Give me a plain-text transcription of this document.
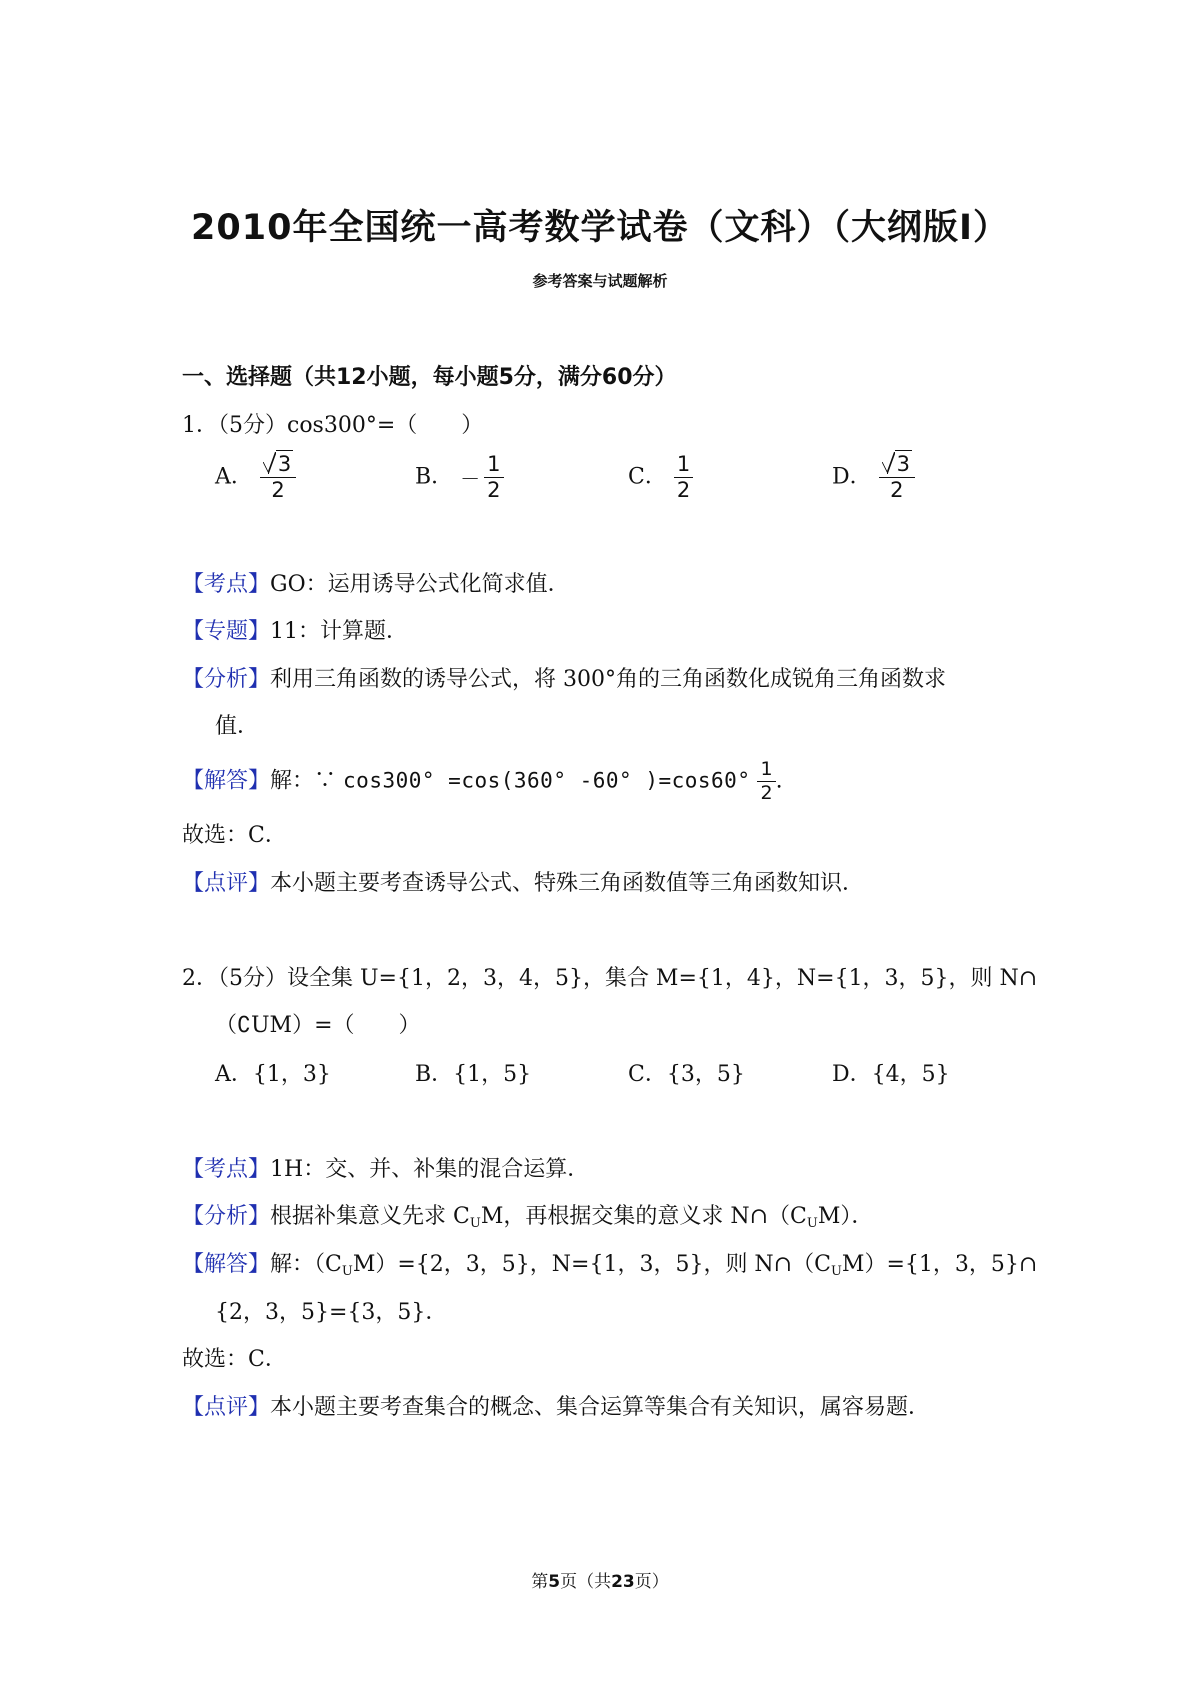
2010年全国统一高考数学试卷（文科）（大纲版Ⅰ）
参考答案与试题解析
一、选择题（共12小题，每小题5分，满分60分）
1．（5分）cos300°=（　　）
A． $\frac{3}{2}$	B． － $\frac{1}{2}$	C． $\frac{1}{2}$	D． $\frac{3}{2}$
【考点】GO：运用诱导公式化简求值．
【专题】11：计算题．
【分析】利用三角函数的诱导公式，将 300°角的三角函数化成锐角三角函数求
值．
【解答】解：∵ cos300° =cos(360° -60° )$=\cos 60^\circ \frac{1}{2}$ .
故选：C．
【点评】本小题主要考查诱导公式、特殊三角函数值等三角函数知识．
2．（5分）设全集 U={1，2，3，4，5}，集合 M={1，4}，N={1，3，5}，则 N∩
（∁UM）=（　　）
A．{1，3}	B．{1，5}	C．{3，5}	D．{4，5}
【考点】1H：交、并、补集的混合运算．
【分析】根据补集意义先求 $C_UM$，再根据交集的意义求 $N\cap(C_UM)$．
【解答】解：$(C_UM)=\{2$，3，5}，N={1，3，5}，则 $N\cap(C_UM)=\{1$，3，5}∩
{2，3，5}={3，5}．
故选：C．
【点评】本小题主要考查集合的概念、集合运算等集合有关知识，属容易题．
第5页（共23页）
